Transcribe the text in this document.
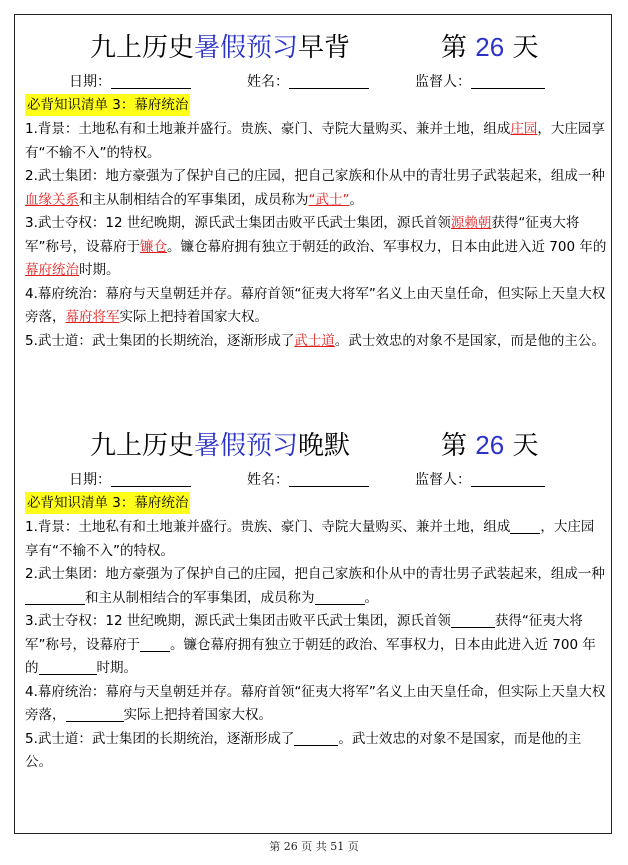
九上历史暑假预习早背	第 26 天
日期：	姓名：	监督人：
必背知识清单 3：幕府统治

1.背景：土地私有和土地兼并盛行。贵族、豪门、寺院大量购买、兼并土地，组成庄园，大庄园享有“不输不入”的特权。

2.武士集团：地方豪强为了保护自己的庄园，把自己家族和仆从中的青壮男子武装起来，组成一种血缘关系和主从制相结合的军事集团，成员称为“武士”。

3.武士夺权：12 世纪晚期，源氏武士集团击败平氏武士集团，源氏首领源赖朝获得“征夷大将军”称号，设幕府于镰仓。镰仓幕府拥有独立于朝廷的政治、军事权力，日本由此进入近 700 年的幕府统治时期。

4.幕府统治：幕府与天皇朝廷并存。幕府首领“征夷大将军”名义上由天皇任命，但实际上天皇大权旁落，幕府将军实际上把持着国家大权。

5.武士道：武士集团的长期统治，逐渐形成了武士道。武士效忠的对象不是国家，而是他的主公。

九上历史暑假预习晚默	第 26 天
日期：	姓名：	监督人：
必背知识清单 3：幕府统治

1.背景：土地私有和土地兼并盛行。贵族、豪门、寺院大量购买、兼并土地，组成 ，大庄园享有“不输不入”的特权。

2.武士集团：地方豪强为了保护自己的庄园，把自己家族和仆从中的青壮男子武装起来，组成一种和主从制相结合的军事集团，成员称为	。

3.武士夺权：12 世纪晚期，源氏武士集团击败平氏武士集团，源氏首领	获得“征夷大将军”称号，设幕府于 。镰仓幕府拥有独立于朝廷的政治、军事权力，日本由此进入近 700 年的	时期。

4.幕府统治：幕府与天皇朝廷并存。幕府首领“征夷大将军”名义上由天皇任命，但实际上天皇大权旁落，	实际上把持着国家大权。

5.武士道：武士集团的长期统治，逐渐形成了	。武士效忠的对象不是国家，而是他的主公。

第 26 页 共 51 页
